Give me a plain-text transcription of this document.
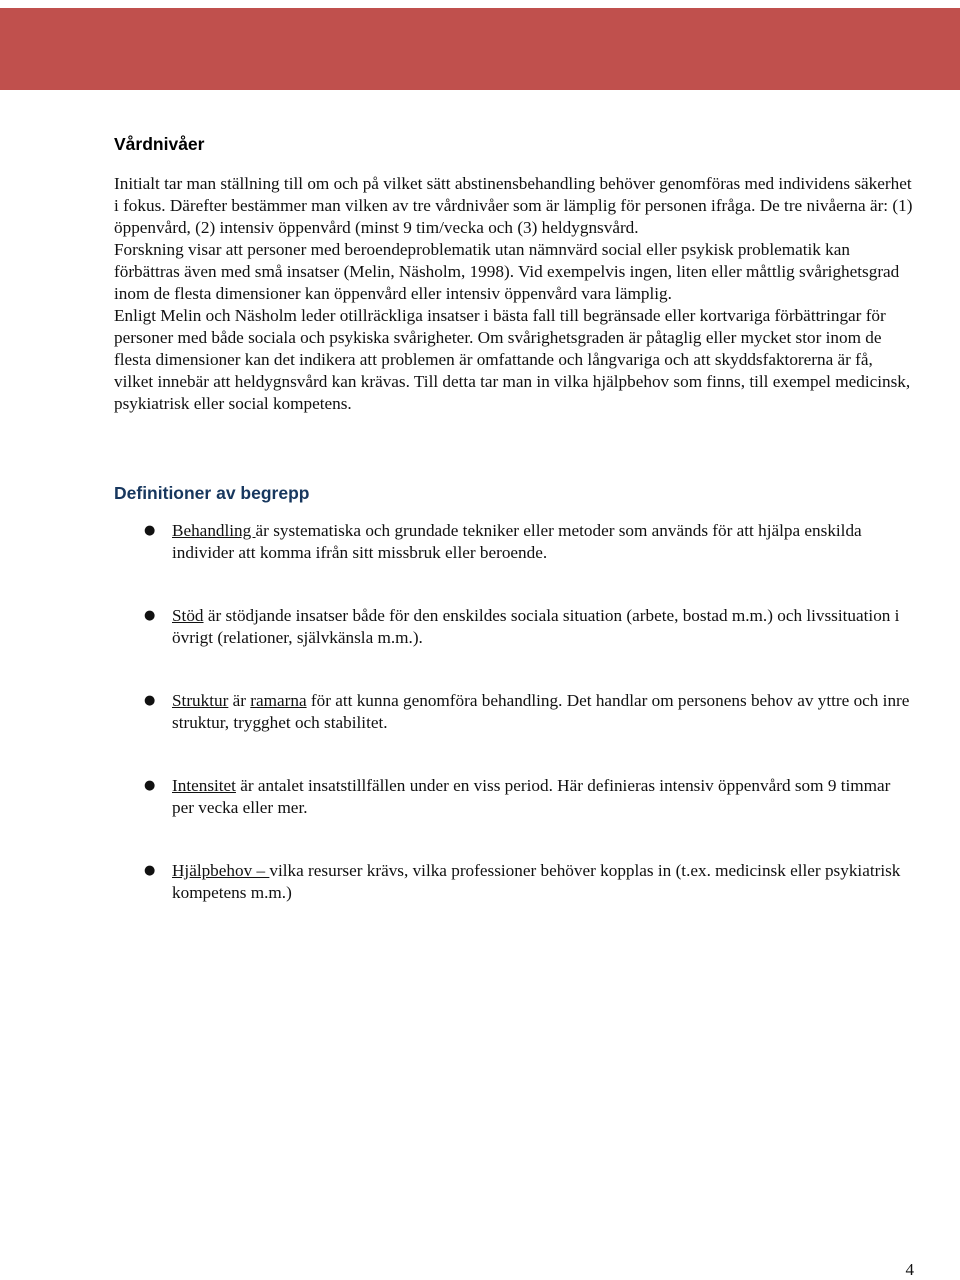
Vårdnivåer

Initialt tar man ställning till om och på vilket sätt abstinensbehandling behöver genomföras med individens säkerhet i fokus. Därefter bestämmer man vilken av tre vårdnivåer som är lämplig för personen ifråga. De tre nivåerna är: (1) öppenvård, (2) intensiv öppenvård (minst 9 tim/vecka och (3) heldygnsvård.

Forskning visar att personer med beroendeproblematik utan nämnvärd social eller psykisk problematik kan förbättras även med små insatser (Melin, Näsholm, 1998). Vid exempelvis ingen, liten eller måttlig svårighetsgrad inom de flesta dimensioner kan öppenvård eller intensiv öppenvård vara lämplig.

Enligt Melin och Näsholm leder otillräckliga insatser i bästa fall till begränsade eller kortvariga förbättringar för personer med både sociala och psykiska svårigheter. Om svårighetsgraden är påtaglig eller mycket stor inom de flesta dimensioner kan det indikera att problemen är omfattande och långvariga och att skyddsfaktorerna är få, vilket innebär att heldygnsvård kan krävas. Till detta tar man in vilka hjälpbehov som finns, till exempel medicinsk, psykiatrisk eller social kompetens.

Definitioner av begrepp
● Behandling är systematiska och grundade tekniker eller metoder som används för att hjälpa enskilda individer att komma ifrån sitt missbruk eller beroende.
● Stöd är stödjande insatser både för den enskildes sociala situation (arbete, bostad m.m.) och livssituation i övrigt (relationer, självkänsla m.m.).
● Struktur är ramarna för att kunna genomföra behandling. Det handlar om personens behov av yttre och inre struktur, trygghet och stabilitet.
● Intensitet är antalet insatstillfällen under en viss period. Här definieras intensiv öppenvård som 9 timmar per vecka eller mer.
● Hjälpbehov – vilka resurser krävs, vilka professioner behöver kopplas in (t.ex. medicinsk eller psykiatrisk kompetens m.m.)
4
